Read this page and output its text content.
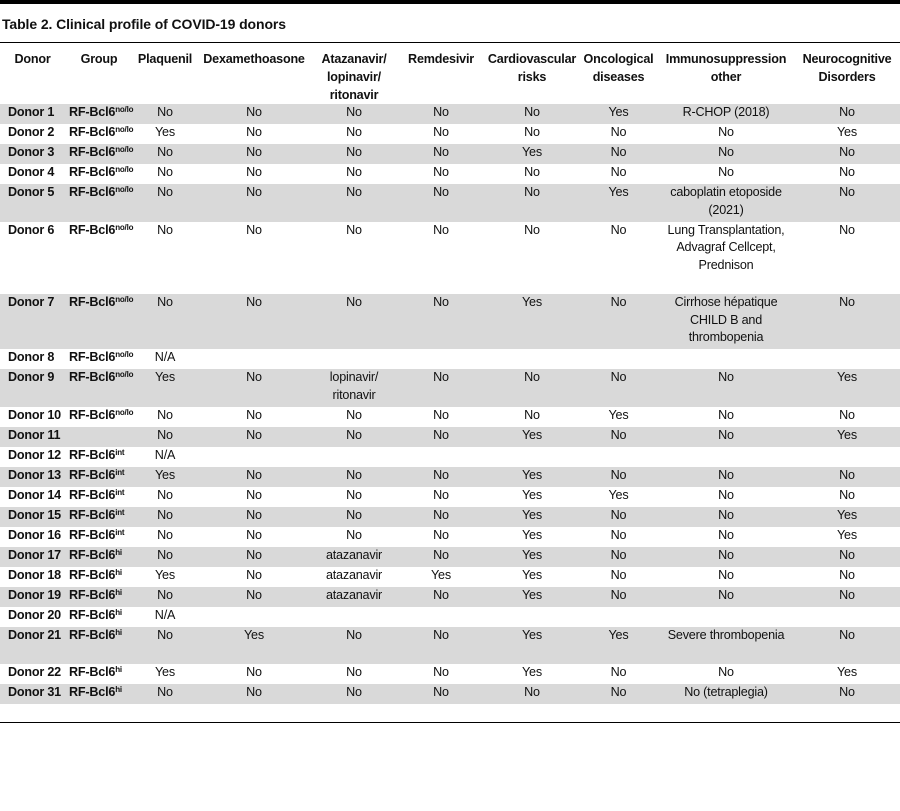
Table 2. Clinical profile of COVID-19 donors
Donor	Group	Plaquenil	Dexamethoasone	Atazanavir/ lopinavir/ ritonavir	Remdesivir	Cardiovascular risks	Oncological diseases	Immunosuppression other	Neurocognitive Disorders
Donor 1	$RF-Bcl6^{no/lo}$	No	No	No	No	No	Yes	R-CHOP (2018)	No
Donor 2	$RF-Bcl6^{no/lo}$	Yes	No	No	No	No	No	No	Yes
Donor 3	$RF-Bcl6^{no/lo}$	No	No	No	No	Yes	No	No	No
Donor 4	$RF-Bcl6^{no/lo}$	No	No	No	No	No	No	No	No
Donor 5	$RF-Bcl6^{no/lo}$	No	No	No	No	No	Yes	caboplatin etoposide (2021)	No
Donor 6	$RF-Bcl6^{no/lo}$	No	No	No	No	No	No	Lung Transplantation, Advagraf Cellcept, Prednison	No
Donor 7	$RF-Bcl6^{no/lo}$	No	No	No	No	Yes	No	Cirrhose hépatique CHILD B and thrombopenia	No
Donor 8	$RF-Bcl6^{no/lo}$	N/A							
Donor 9	$RF-Bcl6^{no/lo}$	Yes	No	lopinavir/ ritonavir	No	No	No	No	Yes
Donor 10	$RF-Bcl6^{no/lo}$	No	No	No	No	No	Yes	No	No
Donor 11		No	No	No	No	Yes	No	No	Yes
Donor 12	$RF-Bcl6^{int}$	N/A							
Donor 13	$RF-Bcl6^{int}$	Yes	No	No	No	Yes	No	No	No
Donor 14	$RF-Bcl6^{int}$	No	No	No	No	Yes	Yes	No	No
Donor 15	$RF-Bcl6^{int}$	No	No	No	No	Yes	No	No	Yes
Donor 16	$RF-Bcl6^{int}$	No	No	No	No	Yes	No	No	Yes
Donor 17	$RF-Bcl6^{hi}$	No	No	atazanavir	No	Yes	No	No	No
Donor 18	$RF-Bcl6^{hi}$	Yes	No	atazanavir	Yes	Yes	No	No	No
Donor 19	$RF-Bcl6^{hi}$	No	No	atazanavir	No	Yes	No	No	No
Donor 20	$RF-Bcl6^{hi}$	N/A							
Donor 21	$RF-Bcl6^{hi}$	No	Yes	No	No	Yes	Yes	Severe thrombopenia	No
Donor 22	$RF-Bcl6^{hi}$	Yes	No	No	No	Yes	No	No	Yes
Donor 31	$RF-Bcl6^{hi}$	No	No	No	No	No	No	No (tetraplegia)	No
